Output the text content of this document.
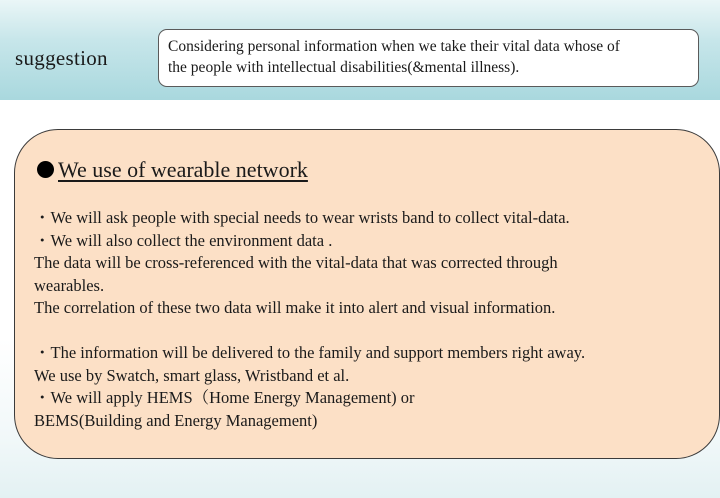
suggestion	Considering personal information when we take their vital data whose of
the people with intellectual disabilities(&mental illness).
We use of wearable network

・We will ask people with special needs to wear wrists band to collect vital-data.

・We will also collect the environment data .

The data will be cross-referenced with the vital-data that was corrected through

wearables.

The correlation of these two data will make it into alert and visual information.

・The information will be delivered to the family and support members right away.

We use by Swatch, smart glass, Wristband et al.

・We will apply HEMS（Home Energy Management) or

BEMS(Building and Energy Management)
